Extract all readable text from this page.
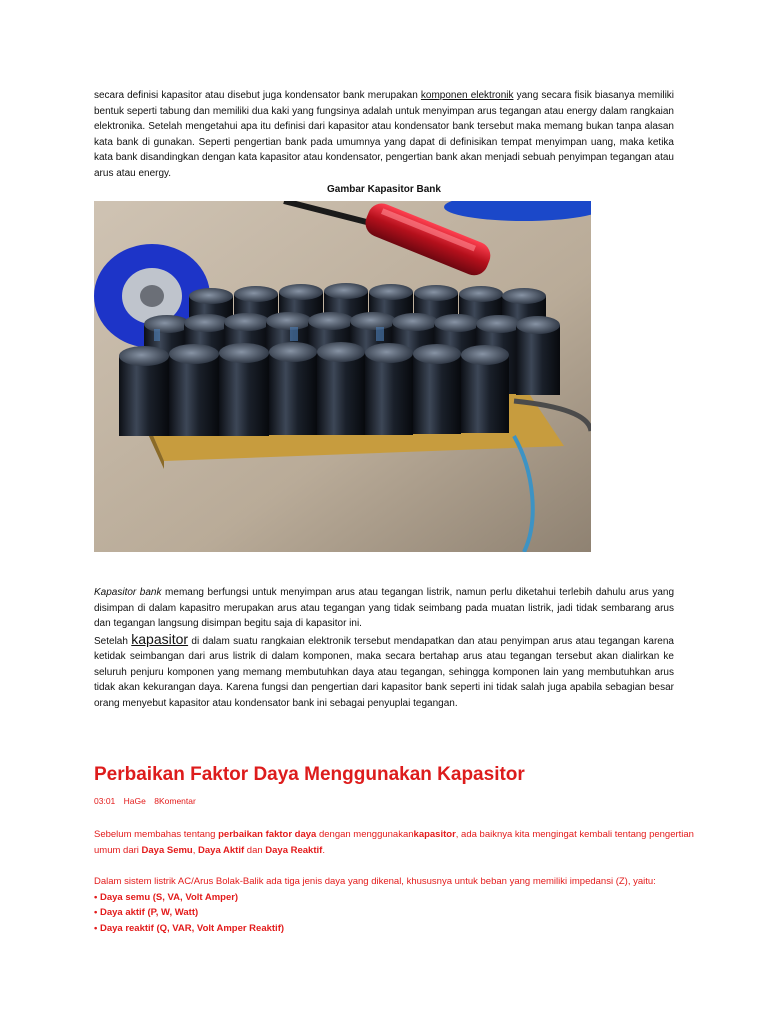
secara definisi kapasitor atau disebut juga kondensator bank merupakan komponen elektronik yang secara fisik biasanya memiliki bentuk seperti tabung dan memiliki dua kaki yang fungsinya adalah untuk menyimpan arus tegangan atau energy dalam rangkaian elektronika. Setelah mengetahui apa itu definisi dari kapasitor atau kondensator bank tersebut maka memang bukan tanpa alasan kata bank di gunakan. Seperti pengertian bank pada umumnya yang dapat di definisikan tempat menyimpan uang, maka ketika kata bank disandingkan dengan kata kapasitor atau kondensator, pengertian bank akan menjadi sebuah penyimpan tegangan atau arus atau energy.

Gambar Kapasitor Bank

Kapasitor bank memang berfungsi untuk menyimpan arus atau tegangan listrik, namun perlu diketahui terlebih dahulu arus yang disimpan di dalam kapasitro merupakan arus atau tegangan yang tidak seimbang pada muatan listrik, jadi tidak sembarang arus dan tegangan langsung disimpan begitu saja di kapasitor ini.
Setelah kapasitor di dalam suatu rangkaian elektronik tersebut mendapatkan dan atau penyimpan arus atau tegangan karena ketidak seimbangan dari arus listrik di dalam komponen, maka secara bertahap arus atau tegangan tersebut akan dialirkan ke seluruh penjuru komponen yang memang membutuhkan daya atau tegangan, sehingga komponen lain yang membutuhkan arus tidak akan kekurangan daya. Karena fungsi dan pengertian dari kapasitor bank seperti ini tidak salah juga apabila sebagian besar orang menyebut kapasitor atau kondensator bank ini sebagai penyuplai tegangan.

Perbaikan Faktor Daya Menggunakan Kapasitor
03:01 HaGe 8Komentar

Sebelum membahas tentang perbaikan faktor daya dengan menggunakankapasitor, ada baiknya kita mengingat kembali tentang pengertian umum dari Daya Semu, Daya Aktif dan Daya Reaktif.

Dalam sistem listrik AC/Arus Bolak-Balik ada tiga jenis daya yang dikenal, khususnya untuk beban yang memiliki impedansi (Z), yaitu:
• Daya semu (S, VA, Volt Amper)
• Daya aktif (P, W, Watt)
• Daya reaktif (Q, VAR, Volt Amper Reaktif)
